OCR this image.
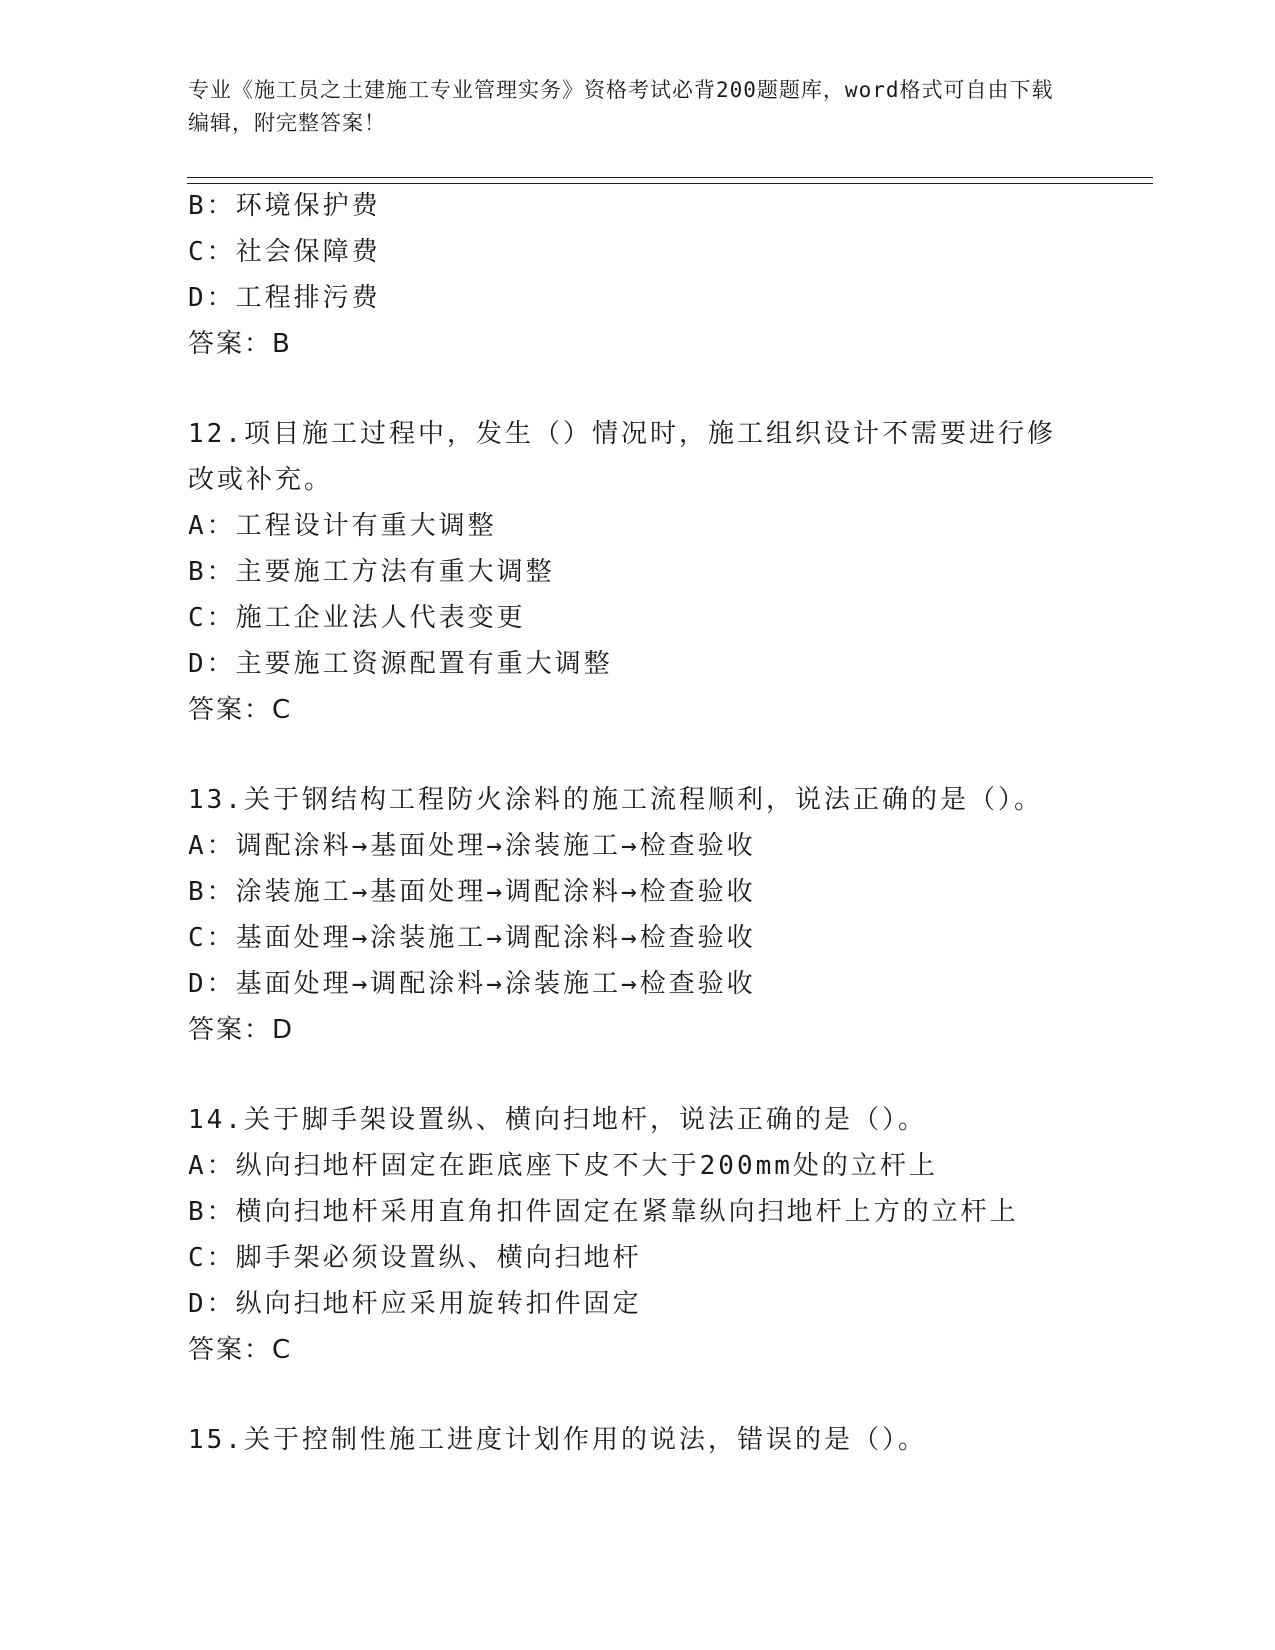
专业《施工员之土建施工专业管理实务》资格考试必背200题题库，word格式可自由下载编辑，附完整答案！
B：环境保护费
C：社会保障费
D：工程排污费
答案：B
12.项目施工过程中，发生（）情况时，施工组织设计不需要进行修改或补充。
A：工程设计有重大调整
B：主要施工方法有重大调整
C：施工企业法人代表变更
D：主要施工资源配置有重大调整
答案：C
13.关于钢结构工程防火涂料的施工流程顺利，说法正确的是（）。
A：调配涂料→基面处理→涂装施工→检查验收
B：涂装施工→基面处理→调配涂料→检查验收
C：基面处理→涂装施工→调配涂料→检查验收
D：基面处理→调配涂料→涂装施工→检查验收
答案：D
14.关于脚手架设置纵、横向扫地杆，说法正确的是（）。
A：纵向扫地杆固定在距底座下皮不大于200mm处的立杆上
B：横向扫地杆采用直角扣件固定在紧靠纵向扫地杆上方的立杆上
C：脚手架必须设置纵、横向扫地杆
D：纵向扫地杆应采用旋转扣件固定
答案：C
15.关于控制性施工进度计划作用的说法，错误的是（）。
